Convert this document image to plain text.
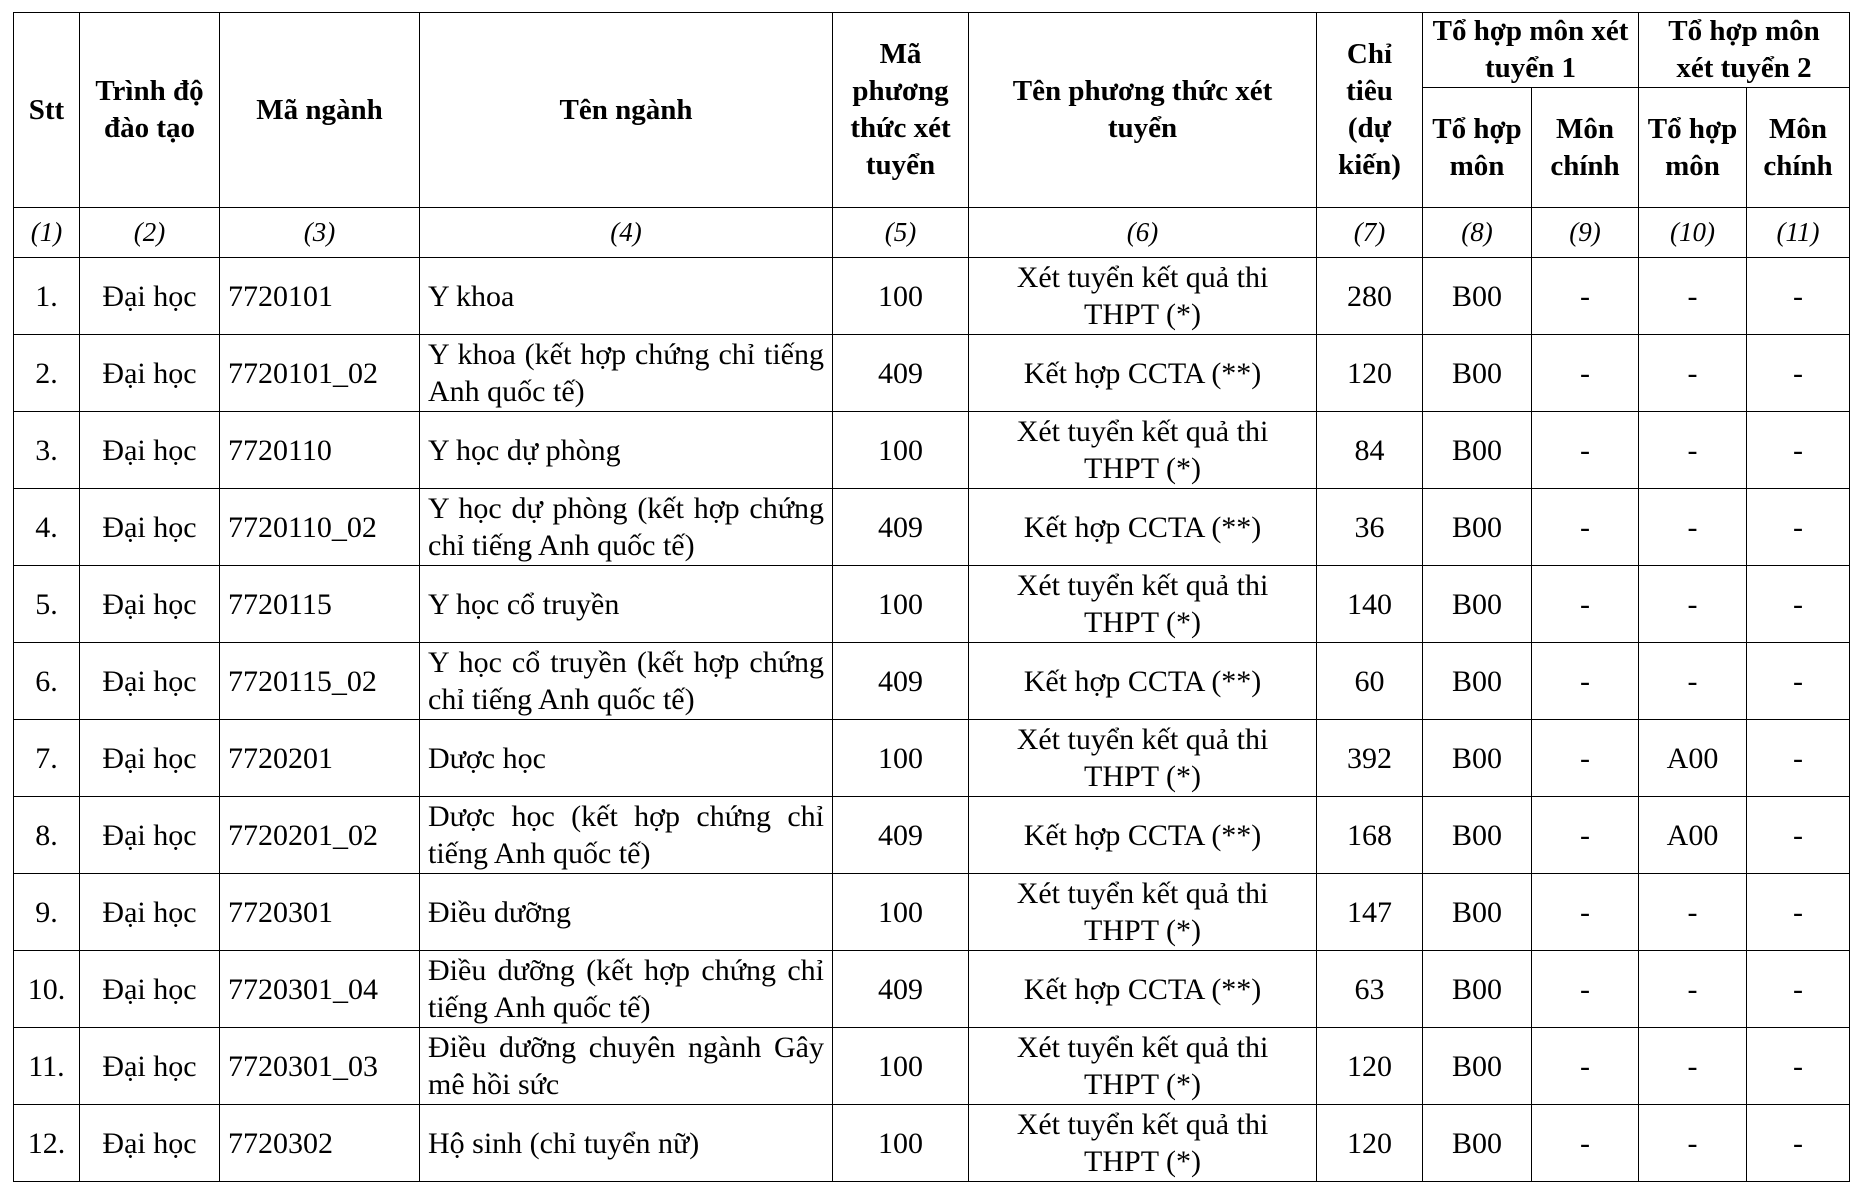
Stt	Trình độ đào tạo	Mã ngành	Tên ngành	Mã phương thức xét tuyển	Tên phương thức xét tuyển	Chỉ tiêu (dự kiến)	Tổ hợp môn xét tuyển 1		Tổ hợp môn xét tuyển 2	
							Tổ hợp môn	Môn chính	Tổ hợp môn	Môn chính
(1)	(2)	(3)	(4)	(5)	(6)	(7)	(8)	(9)	(10)	(11)
1.	Đại học	7720101	Y khoa	100	Xét tuyển kết quả thi THPT (*)	280	B00	-	-	-
2.	Đại học	7720101_02	Y khoa (kết hợp chứng chỉ tiếng Anh quốc tế)	409	Kết hợp CCTA (**)	120	B00	-	-	-
3.	Đại học	7720110	Y học dự phòng	100	Xét tuyển kết quả thi THPT (*)	84	B00	-	-	-
4.	Đại học	7720110_02	Y học dự phòng (kết hợp chứng chỉ tiếng Anh quốc tế)	409	Kết hợp CCTA (**)	36	B00	-	-	-
5.	Đại học	7720115	Y học cổ truyền	100	Xét tuyển kết quả thi THPT (*)	140	B00	-	-	-
6.	Đại học	7720115_02	Y học cổ truyền (kết hợp chứng chỉ tiếng Anh quốc tế)	409	Kết hợp CCTA (**)	60	B00	-	-	-
7.	Đại học	7720201	Dược học	100	Xét tuyển kết quả thi THPT (*)	392	B00	-	A00	-
8.	Đại học	7720201_02	Dược học (kết hợp chứng chỉ tiếng Anh quốc tế)	409	Kết hợp CCTA (**)	168	B00	-	A00	-
9.	Đại học	7720301	Điều dưỡng	100	Xét tuyển kết quả thi THPT (*)	147	B00	-	-	-
10.	Đại học	7720301_04	Điều dưỡng (kết hợp chứng chỉ tiếng Anh quốc tế)	409	Kết hợp CCTA (**)	63	B00	-	-	-
11.	Đại học	7720301_03	Điều dưỡng chuyên ngành Gây mê hồi sức	100	Xét tuyển kết quả thi THPT (*)	120	B00	-	-	-
12.	Đại học	7720302	Hộ sinh (chỉ tuyển nữ)	100	Xét tuyển kết quả thi THPT (*)	120	B00	-	-	-
